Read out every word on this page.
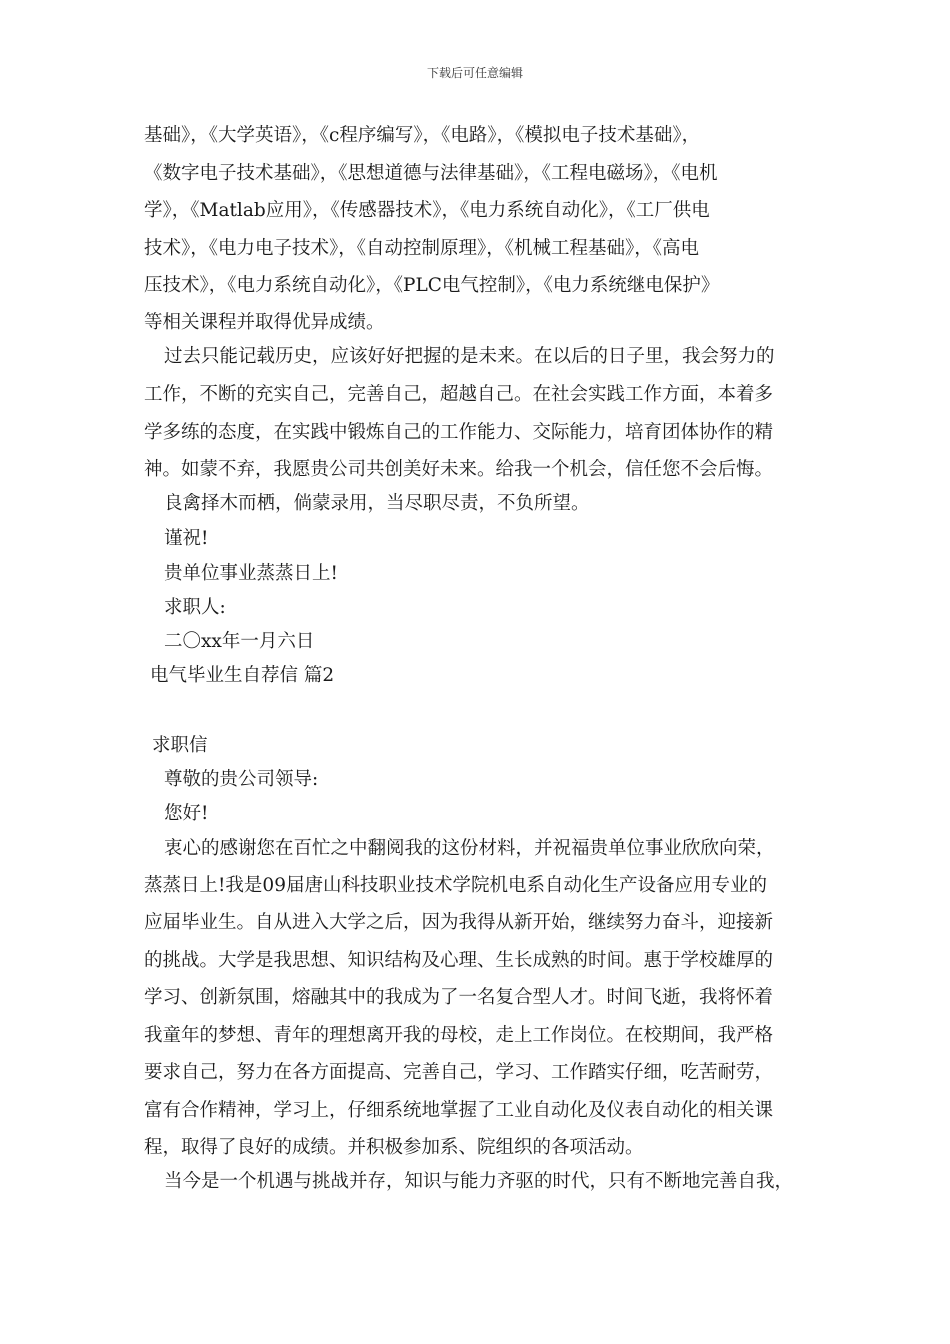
下载后可任意编辑
基础》，《大学英语》，《c程序编写》，《电路》，《模拟电子技术基础》，
《数字电子技术基础》，《思想道德与法律基础》，《工程电磁场》，《电机
学》，《Matlab应用》，《传感器技术》，《电力系统自动化》，《工厂供电
技术》，《电力电子技术》，《自动控制原理》，《机械工程基础》，《高电
压技术》，《电力系统自动化》，《PLC电气控制》，《电力系统继电保护》
等相关课程并取得优异成绩。
过去只能记载历史，应该好好把握的是未来。在以后的日子里，我会努力的
工作，不断的充实自己，完善自己，超越自己。在社会实践工作方面，本着多
学多练的态度，在实践中锻炼自己的工作能力、交际能力，培育团体协作的精
神。如蒙不弃，我愿贵公司共创美好未来。给我一个机会，信任您不会后悔。
良禽择木而栖，倘蒙录用，当尽职尽责，不负所望。
谨祝!
贵单位事业蒸蒸日上!
求职人:
二〇xx年一月六日
电气毕业生自荐信 篇2
求职信
尊敬的贵公司领导:
您好!
衷心的感谢您在百忙之中翻阅我的这份材料，并祝福贵单位事业欣欣向荣，
蒸蒸日上!我是09届唐山科技职业技术学院机电系自动化生产设备应用专业的
应届毕业生。自从进入大学之后，因为我得从新开始，继续努力奋斗，迎接新
的挑战。大学是我思想、知识结构及心理、生长成熟的时间。惠于学校雄厚的
学习、创新氛围，熔融其中的我成为了一名复合型人才。时间飞逝，我将怀着
我童年的梦想、青年的理想离开我的母校，走上工作岗位。在校期间，我严格
要求自己，努力在各方面提高、完善自己，学习、工作踏实仔细，吃苦耐劳，
富有合作精神，学习上，仔细系统地掌握了工业自动化及仪表自动化的相关课
程，取得了良好的成绩。并积极参加系、院组织的各项活动。
当今是一个机遇与挑战并存，知识与能力齐驱的时代，只有不断地完善自我，
